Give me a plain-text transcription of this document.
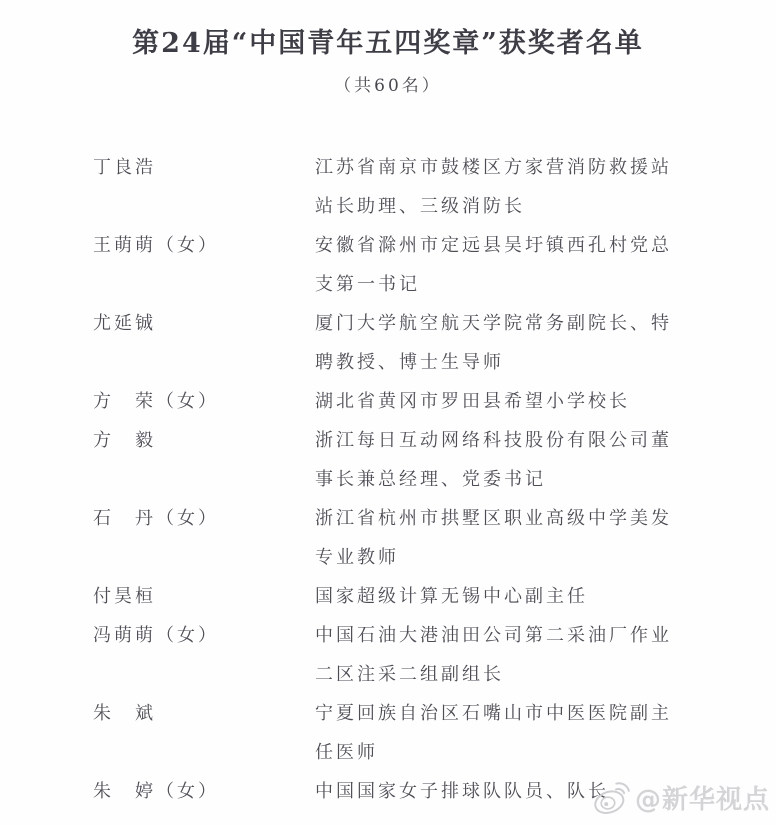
第24届“中国青年五四奖章”获奖者名单
（共60名）
丁良浩	江苏省南京市鼓楼区方家营消防救援站
站长助理、三级消防长
王萌萌（女）	安徽省滁州市定远县吴圩镇西孔村党总
支第一书记
尤延铖	厦门大学航空航天学院常务副院长、特
聘教授、博士生导师
方　荣（女）	湖北省黄冈市罗田县希望小学校长
方　毅	浙江每日互动网络科技股份有限公司董
事长兼总经理、党委书记
石　丹（女）	浙江省杭州市拱墅区职业高级中学美发
专业教师
付昊桓	国家超级计算无锡中心副主任
冯萌萌（女）	中国石油大港油田公司第二采油厂作业
二区注采二组副组长
朱　斌	宁夏回族自治区石嘴山市中医医院副主
任医师
朱　婷（女）	中国国家女子排球队队员、队长 @新华视点
